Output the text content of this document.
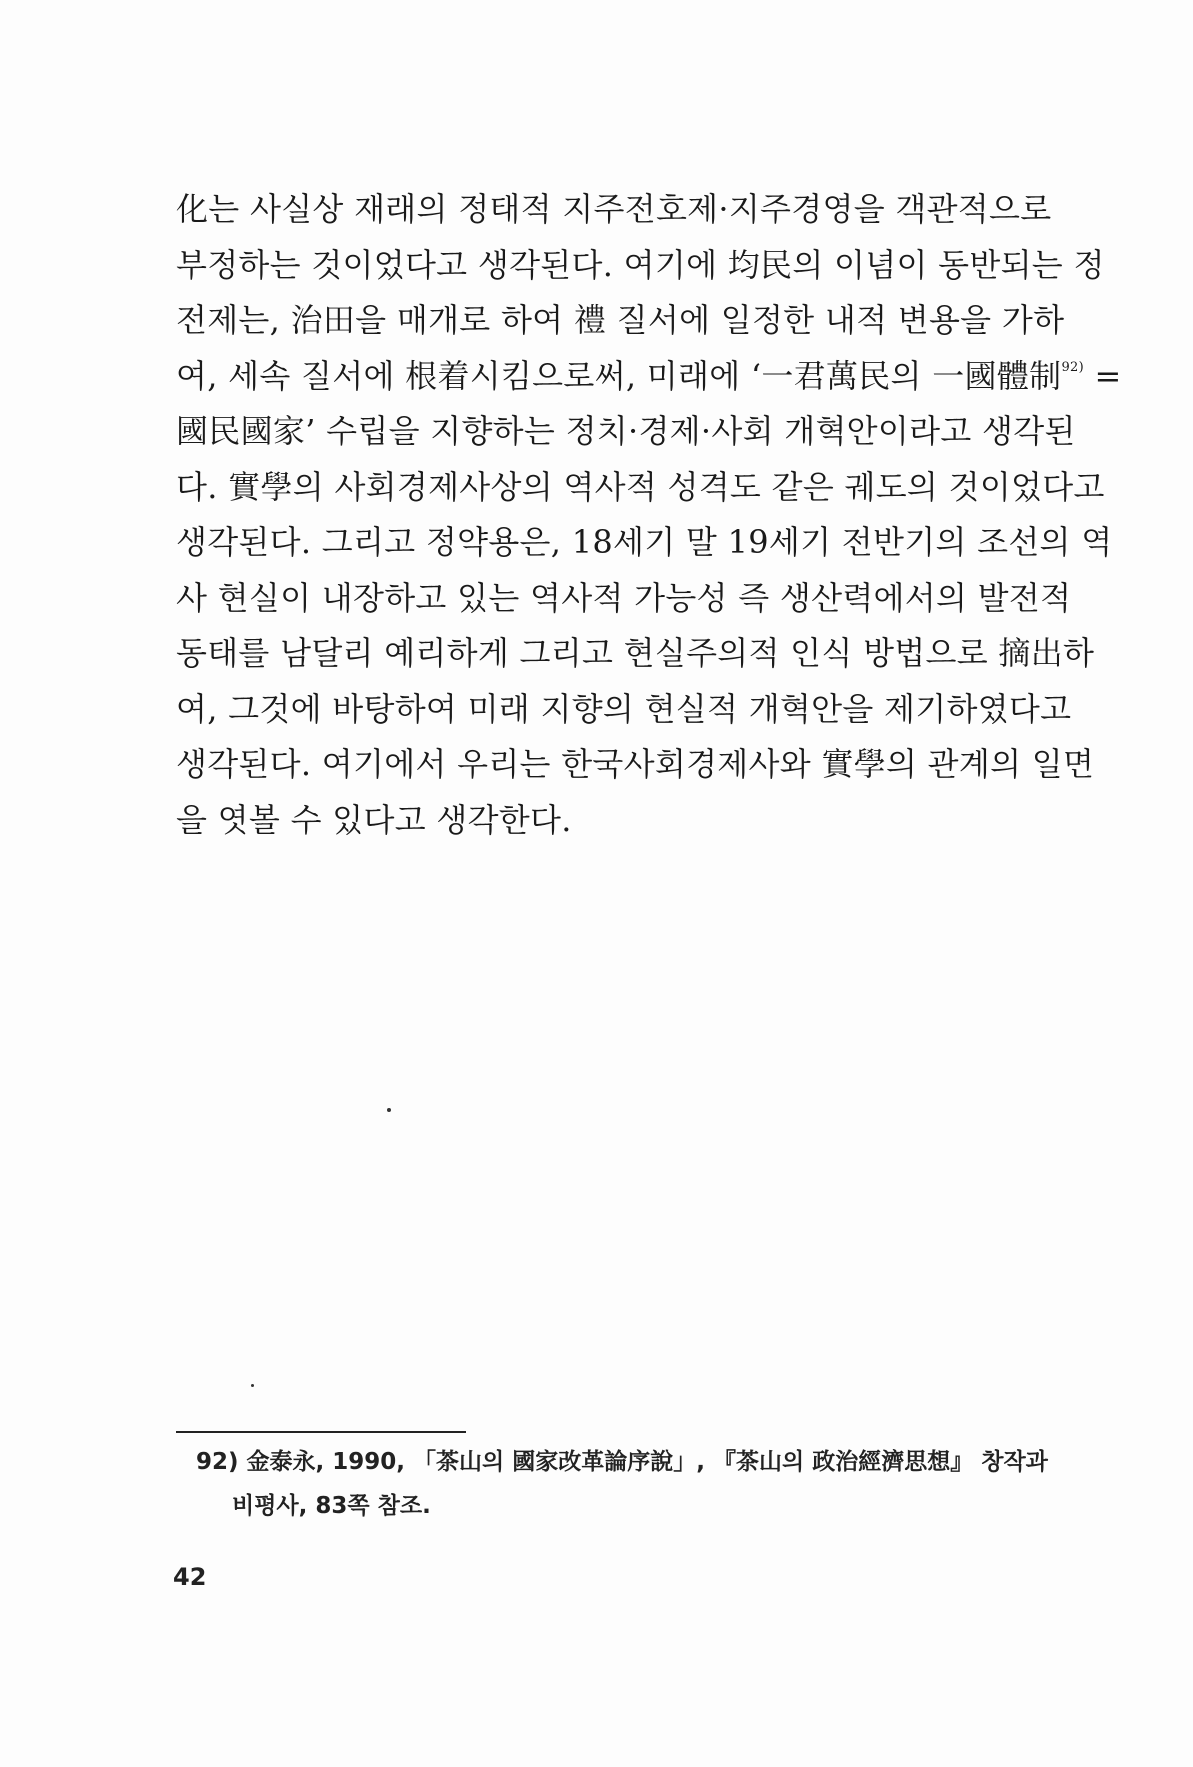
化는 사실상 재래의 정태적 지주전호제·지주경영을 객관적으로
부정하는 것이었다고 생각된다. 여기에 均民의 이념이 동반되는 정
전제는, 治田을 매개로 하여 禮 질서에 일정한 내적 변용을 가하
여, 세속 질서에 根着시킴으로써, 미래에 ‘一君萬民의 一國體制$^{92)}$ =
國民國家’ 수립을 지향하는 정치·경제·사회 개혁안이라고 생각된
다. 實學의 사회경제사상의 역사적 성격도 같은 궤도의 것이었다고
생각된다. 그리고 정약용은, 18세기 말 19세기 전반기의 조선의 역
사 현실이 내장하고 있는 역사적 가능성 즉 생산력에서의 발전적
동태를 남달리 예리하게 그리고 현실주의적 인식 방법으로 摘出하
여, 그것에 바탕하여 미래 지향의 현실적 개혁안을 제기하였다고
생각된다. 여기에서 우리는 한국사회경제사와 實學의 관계의 일면
을 엿볼 수 있다고 생각한다.
92) 金泰永, 1990, 「茶山의 國家改革論序說」, 『茶山의 政治經濟思想』 창작과
비평사, 83쪽 참조.
42
